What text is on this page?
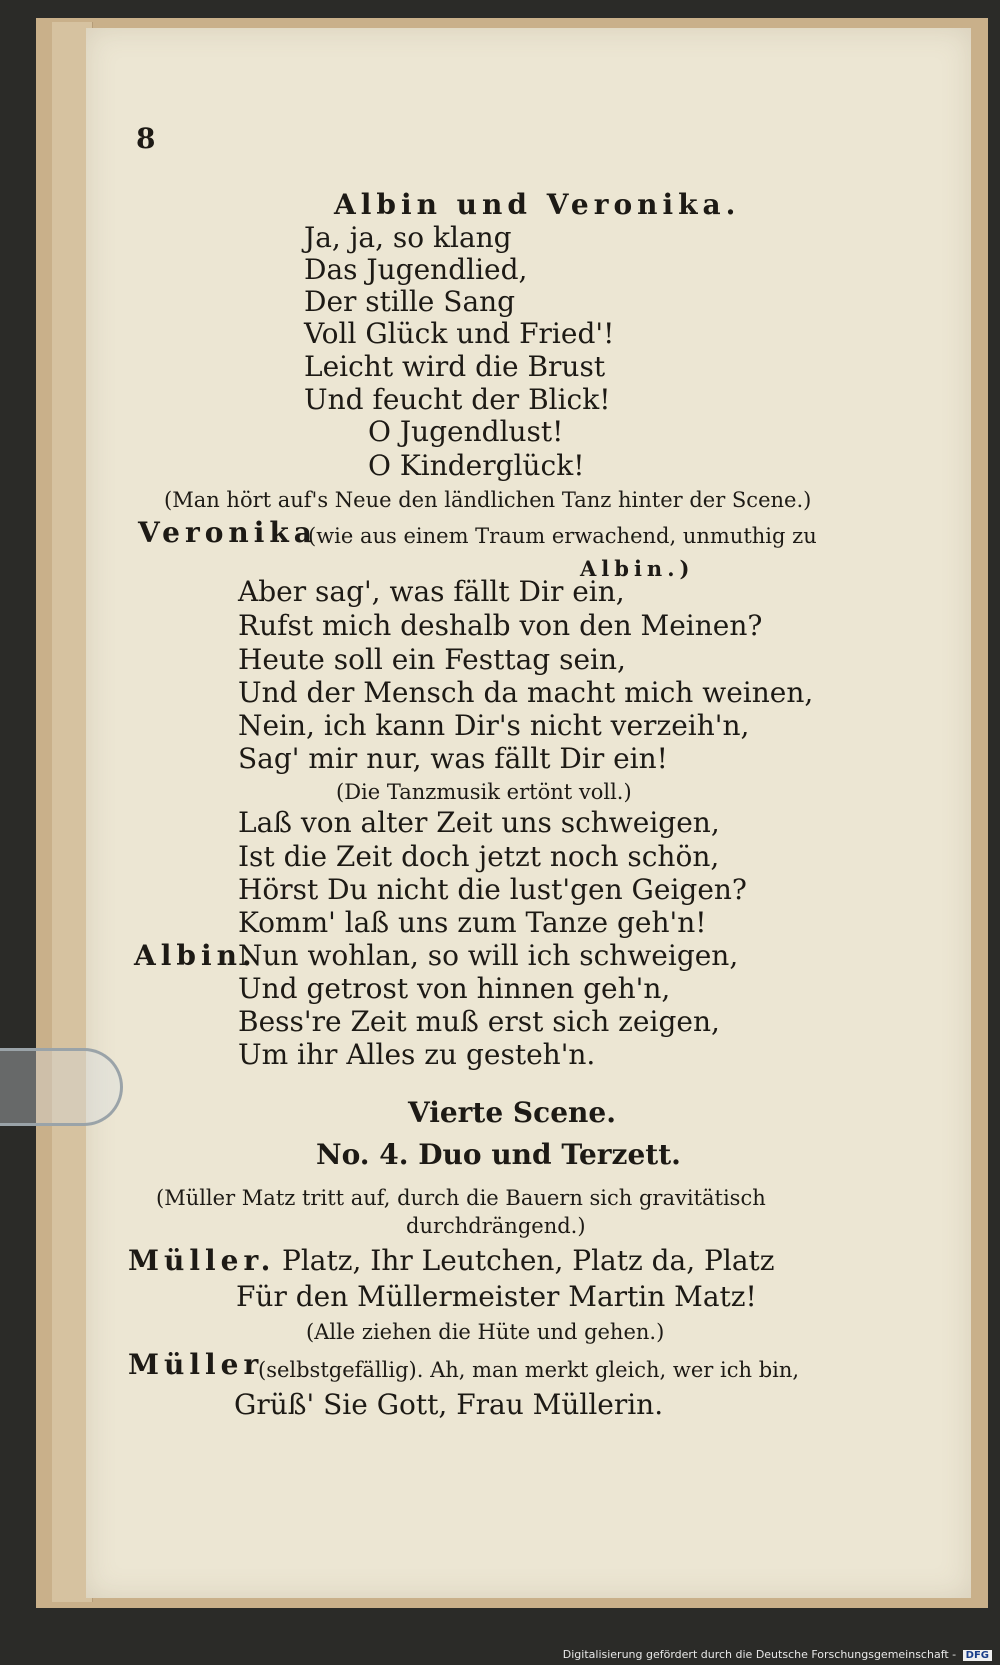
8
Albin und Veronika.
Ja, ja, so klang
Das Jugendlied,
Der stille Sang
Voll Glück und Fried'!
Leicht wird die Brust
Und feucht der Blick!
O Jugendlust!
O Kinderglück!
(Man hört auf's Neue den ländlichen Tanz hinter der Scene.)
Veronika
(wie aus einem Traum erwachend, unmuthig zu
Albin.)
Aber sag', was fällt Dir ein,
Rufst mich deshalb von den Meinen?
Heute soll ein Festtag sein,
Und der Mensch da macht mich weinen,
Nein, ich kann Dir's nicht verzeih'n,
Sag' mir nur, was fällt Dir ein!
(Die Tanzmusik ertönt voll.)
Laß von alter Zeit uns schweigen,
Ist die Zeit doch jetzt noch schön,
Hörst Du nicht die lust'gen Geigen?
Komm' laß uns zum Tanze geh'n!
Albin.
Nun wohlan, so will ich schweigen,
Und getrost von hinnen geh'n,
Bess're Zeit muß erst sich zeigen,
Um ihr Alles zu gesteh'n.
Vierte Scene.
No. 4. Duo und Terzett.
(Müller Matz tritt auf, durch die Bauern sich gravitätisch
durchdrängend.)
Müller. Platz, Ihr Leutchen, Platz da, Platz
Für den Müllermeister Martin Matz!
(Alle ziehen die Hüte und gehen.)
Müller
(selbstgefällig). Ah, man merkt gleich, wer ich bin,
Grüß' Sie Gott, Frau Müllerin.
Digitalisierung gefördert durch die Deutsche Forschungsgemeinschaft - DFG
